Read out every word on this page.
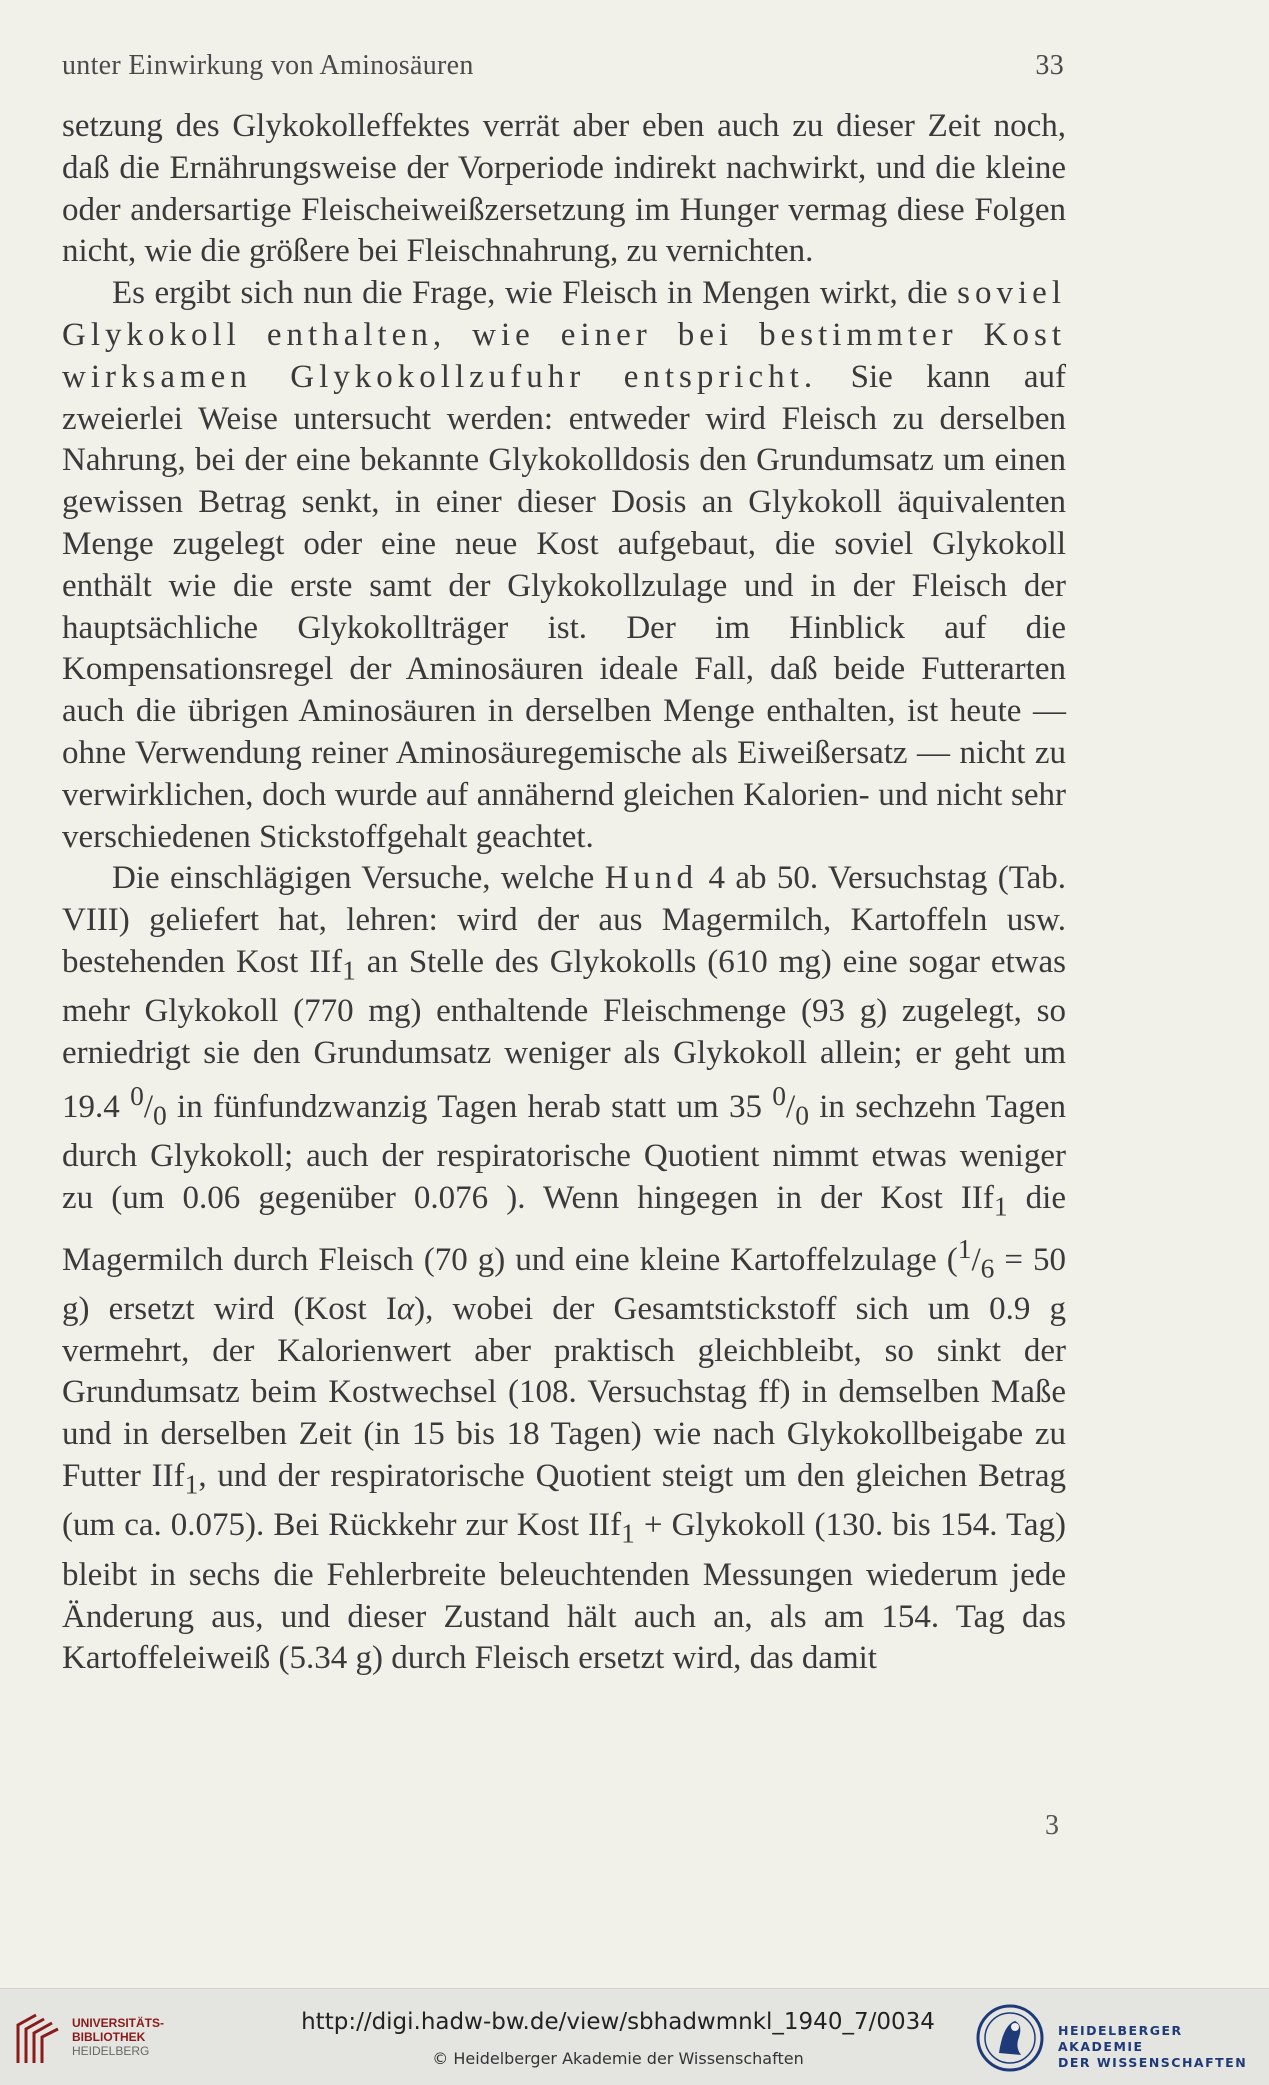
unter Einwirkung von Aminosäuren	33

setzung des Glykokolleffektes verrät aber eben auch zu dieser Zeit noch, daß die Ernährungsweise der Vorperiode indirekt nachwirkt, und die kleine oder andersartige Fleischeiweißzersetzung im Hunger vermag diese Folgen nicht, wie die größere bei Fleischnahrung, zu vernichten.

Es ergibt sich nun die Frage, wie Fleisch in Mengen wirkt, die soviel Glykokoll enthalten, wie einer bei bestimmter Kost wirksamen Glykokollzufuhr entspricht. Sie kann auf zweierlei Weise untersucht werden: entweder wird Fleisch zu derselben Nahrung, bei der eine bekannte Glykokolldosis den Grundumsatz um einen gewissen Betrag senkt, in einer dieser Dosis an Glykokoll äquivalenten Menge zugelegt oder eine neue Kost aufgebaut, die soviel Glykokoll enthält wie die erste samt der Glykokollzulage und in der Fleisch der hauptsächliche Glykokollträger ist. Der im Hinblick auf die Kompensationsregel der Aminosäuren ideale Fall, daß beide Futterarten auch die übrigen Aminosäuren in derselben Menge enthalten, ist heute — ohne Verwendung reiner Aminosäuregemische als Eiweißersatz — nicht zu verwirklichen, doch wurde auf annähernd gleichen Kalorien- und nicht sehr verschiedenen Stickstoffgehalt geachtet.

Die einschlägigen Versuche, welche Hund 4 ab 50. Versuchstag (Tab. VIII) geliefert hat, lehren: wird der aus Magermilch, Kartoffeln usw. bestehenden Kost IIf$_1$ an Stelle des Glykokolls (610 mg) eine sogar etwas mehr Glykokoll (770 mg) enthaltende Fleischmenge (93 g) zugelegt, so erniedrigt sie den Grundumsatz weniger als Glykokoll allein; er geht um 19.4 $^0/_0$ in fünfundzwanzig Tagen herab statt um 35 $^0/_0$ in sechzehn Tagen durch Glykokoll; auch der respiratorische Quotient nimmt etwas weniger zu (um 0.06 gegenüber 0.076 ). Wenn hingegen in der Kost IIf$_1$ die Magermilch durch Fleisch (70 g) und eine kleine Kartoffelzulage ($^1/_6 = 50$ g) ersetzt wird (Kost Iα), wobei der Gesamtstickstoff sich um 0.9 g vermehrt, der Kalorienwert aber praktisch gleichbleibt, so sinkt der Grundumsatz beim Kostwechsel (108. Versuchstag ff) in demselben Maße und in derselben Zeit (in 15 bis 18 Tagen) wie nach Glykokollbeigabe zu Futter IIf$_1$, und der respiratorische Quotient steigt um den gleichen Betrag (um ca. 0.075). Bei Rückkehr zur Kost IIf$_1$ + Glykokoll (130. bis 154. Tag) bleibt in sechs die Fehlerbreite beleuchtenden Messungen wiederum jede Änderung aus, und dieser Zustand hält auch an, als am 154. Tag das Kartoffeleiweiß (5.34 g) durch Fleisch ersetzt wird, das damit

3
UNIVERSITÄTS-
BIBLIOTHEK
HEIDELBERG
http://digi.hadw-bw.de/view/sbhadwmnkl_1940_7/0034
© Heidelberger Akademie der Wissenschaften
HEIDELBERGER AKADEMIE
DER WISSENSCHAFTEN
